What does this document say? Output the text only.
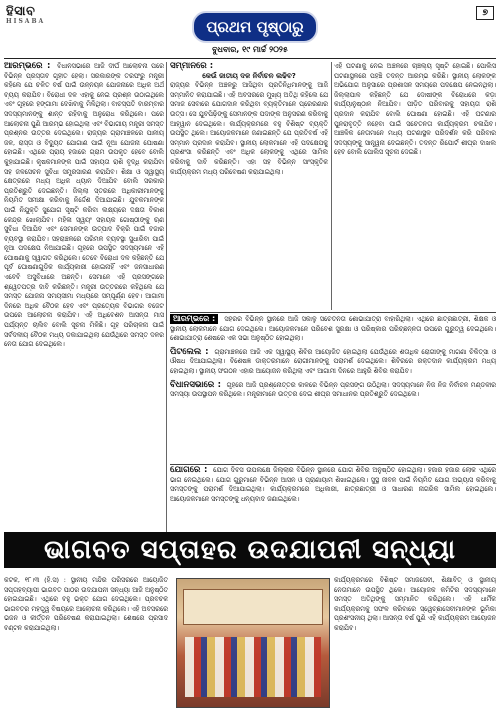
ହିସାବ
HISABA	ପ୍ରଥମ ପୃଷ୍ଠାରୁ
ବୁଧବାର, ୧୯ ମାର୍ଚ୍ଚ ୨୦୨୫
୭
ଆରମ୍ଭରେ : ବିଧାନସଭାରେ ଆଜି ଦୀର୍ଘ ଆଲୋଚନା ପରେ ବିଭିନ୍ନ ପ୍ରସ୍ତାବ ଗୃହୀତ ହେଲା। ସରକାରଙ୍କ ତରଫରୁ ମନ୍ତ୍ରୀ କହିଲେ ଯେ ଚଳିତ ବର୍ଷ ପାଇଁ ଉନ୍ନୟନ ଯୋଜନାରେ ଅଧିକ ଅର୍ଥ ବ୍ୟୟ କରାଯିବ। ବିରୋଧୀ ଦଳ ଏହାକୁ ନେଇ ପ୍ରଶ୍ନ ଉଠାଇଥିଲେ ଏବଂ ଗୃହରେ ହଙ୍ଗାମା ଦେଖିବାକୁ ମିଳିଥିଲା। ବାଚସ୍ପତି ବାରମ୍ବାର ସଦସ୍ୟମାନଙ୍କୁ ଶାନ୍ତ ରହିବାକୁ ଅନୁରୋଧ କରିଥିଲେ। ପରେ ଆଲୋଚନା ପୁଣି ଆରମ୍ଭ ହୋଇଥିଲା ଏବଂ ବିଭାଗୀୟ ମନ୍ତ୍ରୀ ସମସ୍ତ ପ୍ରଶ୍ନର ଉତ୍ତର ଦେଇଥିଲେ। ରାଜ୍ୟର ଗ୍ରାମାଞ୍ଚଳରେ ପାନୀୟ ଜଳ, ରାସ୍ତା ଓ ବିଦ୍ୟୁତ ଯୋଗାଣ ପାଇଁ ନୂଆ ଯୋଜନା ଘୋଷଣା ହୋଇଛି। ଏଥିରେ ପ୍ରାୟ ହଜାରେ ଗ୍ରାମ ଉପକୃତ ହେବେ ବୋଲି କୁହାଯାଇଛି। କୃଷକମାନଙ୍କ ପାଇଁ ସହାୟତା ରାଶି ବୃଦ୍ଧି କରାଯିବା ସହ ଜଳସେଚନ ସୁବିଧା ସମ୍ପ୍ରସାରଣ କରାଯିବ। ଶିକ୍ଷା ଓ ସ୍ୱାସ୍ଥ୍ୟ କ୍ଷେତ୍ରରେ ମଧ୍ୟ ଅଧିକ ଧ୍ୟାନ ଦିଆଯିବ ବୋଲି ସରକାର ପ୍ରତିଶ୍ରୁତି ଦେଇଛନ୍ତି। ଜିଲ୍ଲା ସ୍ତରରେ ଅଧିକାରୀମାନଙ୍କୁ ନିୟମିତ ସମୀକ୍ଷା କରିବାକୁ ନିର୍ଦ୍ଦେଶ ଦିଆଯାଇଛି। ଯୁବକମାନଙ୍କ ପାଇଁ ନିଯୁକ୍ତି ସୁଯୋଗ ସୃଷ୍ଟି କରିବା ଲକ୍ଷ୍ୟରେ ଦକ୍ଷତା ବିକାଶ କେନ୍ଦ୍ର ଖୋଲାଯିବ। ମହିଳା ସ୍ୱୟଂ ସହାୟକ ଗୋଷ୍ଠୀଙ୍କୁ ଋଣ ସୁବିଧା ଦିଆଯିବ ଏବଂ ସେମାନଙ୍କ ଉତ୍ପାଦ ବିକ୍ରି ପାଇଁ ବଜାର ବ୍ୟବସ୍ଥା କରାଯିବ। ସହରାଞ୍ଚଳରେ ପରିମଳ ବ୍ୟବସ୍ଥା ସୁଧାରିବା ପାଇଁ ନୂଆ ପଦକ୍ଷେପ ନିଆଯାଇଛି। ଗୃହରେ ଉପସ୍ଥିତ ସଦସ୍ୟମାନେ ଏହି ଘୋଷଣାକୁ ସ୍ୱାଗତ କରିଥିଲେ। ତେବେ ବିରୋଧୀ ଦଳ କହିଛନ୍ତି ଯେ ପୂର୍ବ ଘୋଷଣାଗୁଡ଼ିକ କାର୍ଯ୍ୟକାରୀ ହୋଇନାହିଁ ଏବଂ ଜନସାଧାରଣ ଏବେବି ଅସୁବିଧାରେ ଅଛନ୍ତି। ସେମାନେ ଏହି ପ୍ରସଙ୍ଗରେ ଶ୍ୱେତପତ୍ର ଦାବି କରିଛନ୍ତି। ମନ୍ତ୍ରୀ ଉତ୍ତରରେ କହିଥିଲେ ଯେ ସମସ୍ତ ଯୋଜନା ସମୟସୀମା ମଧ୍ୟରେ ସମ୍ପୂର୍ଣ୍ଣ ହେବ। ଆଗାମୀ ଦିନରେ ଅଧିକ ବୈଠକ ହେବ ଏବଂ ପ୍ରତ୍ୟେକ ବିଭାଗର ବଜେଟ ଉପରେ ଆଲୋଚନା କରାଯିବ। ଏହି ଅଧିବେଶନ ଆସନ୍ତା ମାସ ପର୍ଯ୍ୟନ୍ତ ଚାଲିବ ବୋଲି ସୂଚନା ମିଳିଛି। ଗୃହ ପରିଚାଳନା ପାଇଁ ସର୍ବଦଳୀୟ ବୈଠକ ମଧ୍ୟ ଡକାଯାଇଥିଲା ଯେଉଁଥିରେ ସମସ୍ତ ଦଳର ନେତା ଯୋଗ ଦେଇଥିଲେ।
ସମ୍ମାନରେ :
କେଉଁ ଜାତୀୟ ଦଳ ନିର୍ବାଚନ ଲଢିବ?
ରାଜ୍ୟର ବିଭିନ୍ନ ଅଞ୍ଚଳରୁ ଆସିଥିବା ପ୍ରତିନିଧିମାନଙ୍କୁ ଆଜି ସମ୍ମାନିତ କରାଯାଇଛି। ଏହି ଅବସରରେ ମୁଖ୍ୟ ଅତିଥି କହିଲେ ଯେ ସମାଜ ସେବାରେ ଯୋଗଦାନ କରିଥିବା ବ୍ୟକ୍ତିମାନେ ପ୍ରେରଣାର ଉତ୍ସ। ସେ ଯୁବପିଢ଼ିଙ୍କୁ ସେମାନଙ୍କ ପଦାଙ୍କ ଅନୁସରଣ କରିବାକୁ ଆହ୍ୱାନ ଦେଇଥିଲେ। କାର୍ଯ୍ୟକ୍ରମରେ ବହୁ ବିଶିଷ୍ଟ ବ୍ୟକ୍ତି ଉପସ୍ଥିତ ଥିଲେ। ଆୟୋଜକମାନେ ଜଣାଇଛନ୍ତି ଯେ ପ୍ରତିବର୍ଷ ଏହି ସମ୍ମାନ ପ୍ରଦାନ କରାଯିବ। ସ୍ଥାନୀୟ ଲୋକମାନେ ଏହି ପଦକ୍ଷେପକୁ ପ୍ରଶଂସା କରିଛନ୍ତି ଏବଂ ଅଧିକ ଲୋକଙ୍କୁ ଏଥିରେ ସାମିଲ କରିବାକୁ ଦାବି କରିଛନ୍ତି। ଏହା ସହ ବିଭିନ୍ନ ସାଂସ୍କୃତିକ କାର୍ଯ୍ୟକ୍ରମ ମଧ୍ୟ ପରିବେଷଣ କରାଯାଇଥିଲା।
ଏହି ଘଟଣାକୁ ନେଇ ଅଞ୍ଚଳରେ ଚାଞ୍ଚଲ୍ୟ ସୃଷ୍ଟି ହୋଇଛି। ପୋଲିସ ଘଟଣାସ୍ଥଳରେ ପହଞ୍ଚି ତଦନ୍ତ ଆରମ୍ଭ କରିଛି। ସ୍ଥାନୀୟ ଲୋକଙ୍କ ଅଭିଯୋଗ ଅନୁସାରେ ପ୍ରଶାସନ ସମୟରେ ପଦକ୍ଷେପ ନେଇନଥିଲା। ଜିଲ୍ଲାପାଳ କହିଛନ୍ତି ଯେ ଦୋଷୀଙ୍କ ବିରୋଧରେ କଡ଼ା କାର୍ଯ୍ୟାନୁଷ୍ଠାନ ନିଆଯିବ। ପୀଡ଼ିତ ପରିବାରକୁ ସହାୟତା ରାଶି ପ୍ରଦାନ କରାଯିବ ବୋଲି ଘୋଷଣା ହୋଇଛି। ଏହି ଘଟଣାର ପୁନରାବୃତ୍ତି ନହେବା ପାଇଁ ସଚେତନତା କାର୍ଯ୍ୟକ୍ରମ ଚଳାଯିବ। ଆଞ୍ଚଳିକ ନେତାମାନେ ମଧ୍ୟ ଘଟଣାସ୍ଥଳ ପରିଦର୍ଶନ କରି ପରିବାର ସଦସ୍ୟଙ୍କୁ ସାନ୍ତ୍ୱନା ଦେଇଛନ୍ତି। ତଦନ୍ତ ରିପୋର୍ଟ ଶୀଘ୍ର ଦାଖଲ ହେବ ବୋଲି ପୋଲିସ ସୂଚନା ଦେଇଛି।
ଆରମ୍ଭରେ : ସହରର ବିଭିନ୍ନ ସ୍ଥାନରେ ଆଜି ସକାଳୁ ସଚେତନତା ଶୋଭାଯାତ୍ରା ବାହାରିଥିଲା। ଏଥିରେ ଛାତ୍ରଛାତ୍ରୀ, ଶିକ୍ଷକ ଓ ସ୍ଥାନୀୟ ଲୋକମାନେ ଯୋଗ ଦେଇଥିଲେ। ଆୟୋଜକମାନେ ପରିବେଶ ସୁରକ୍ଷା ଓ ପରିଷ୍କାର ପରିଚ୍ଛନ୍ନତା ଉପରେ ଗୁରୁତ୍ୱ ଦେଇଥିଲେ। ଶୋଭାଯାତ୍ରା ଶେଷରେ ଏକ ସଭା ଅନୁଷ୍ଠିତ ହୋଇଥିଲା।
ପିଟଲେଲ : ଗ୍ରାମାଞ୍ଚଳରେ ଆଜି ଏକ ସ୍ୱାସ୍ଥ୍ୟ ଶିବିର ଆୟୋଜିତ ହୋଇଥିଲା ଯେଉଁଥିରେ ଶତାଧିକ ରୋଗୀଙ୍କୁ ମାଗଣା ଚିକିତ୍ସା ଓ ଔଷଧ ଦିଆଯାଇଥିଲା। ବିଶେଷଜ୍ଞ ଡାକ୍ତରମାନେ ରୋଗୀମାନଙ୍କୁ ପରାମର୍ଶ ଦେଇଥିଲେ। ଶିବିରରେ ରକ୍ତଦାନ କାର୍ଯ୍ୟକ୍ରମ ମଧ୍ୟ ହୋଇଥିଲା। ସ୍ଥାନୀୟ ସଂଗଠନ ଏହାର ଆୟୋଜନ କରିଥିଲା ଏବଂ ଆଗାମୀ ଦିନରେ ଆହୁରି ଶିବିର କରାଯିବ।
ବିଧାନସଭାରେ : ଗୃହରେ ଆଜି ପ୍ରଶ୍ନୋତ୍ତର କାଳରେ ବିଭିନ୍ନ ପ୍ରସଙ୍ଗ ଉଠିଥିଲା। ସଦସ୍ୟମାନେ ନିଜ ନିଜ ନିର୍ବାଚନ ମଣ୍ଡଳୀର ସମସ୍ୟା ଉପସ୍ଥାପନ କରିଥିଲେ। ମନ୍ତ୍ରୀମାନେ ଉତ୍ତର ଦେଇ ଶୀଘ୍ର ସମାଧାନର ପ୍ରତିଶ୍ରୁତି ଦେଇଥିଲେ।
ଯୋଗରେ : ଯୋଗ ଦିବସ ଉପଲକ୍ଷେ ଜିଲ୍ଲାର ବିଭିନ୍ନ ସ୍ଥାନରେ ଯୋଗ ଶିବିର ଅନୁଷ୍ଠିତ ହୋଇଥିଲା। ହଜାର ହଜାର ଲୋକ ଏଥିରେ ଭାଗ ନେଇଥିଲେ। ଯୋଗ ଗୁରୁମାନେ ବିଭିନ୍ନ ଆସନ ଓ ପ୍ରାଣାୟାମ ଶିଖାଇଥିଲେ। ସୁସ୍ଥ ଜୀବନ ପାଇଁ ନିୟମିତ ଯୋଗ ଅଭ୍ୟାସ କରିବାକୁ ସମସ୍ତଙ୍କୁ ପରାମର୍ଶ ଦିଆଯାଇଥିଲା। କାର୍ଯ୍ୟକ୍ରମରେ ଅଧିକାରୀ, ଛାତ୍ରଛାତ୍ରୀ ଓ ସାଧାରଣ ନାଗରିକ ସାମିଲ ହୋଇଥିଲେ। ଆୟୋଜକମାନେ ସମସ୍ତଙ୍କୁ ଧନ୍ୟବାଦ ଜଣାଇଥିଲେ।
ଭାଗବତ ସପ୍ତାହର ଉଦଯାପନୀ ସନ୍ଧ୍ୟା
କଟକ, ୧୮।୩ (ହି.ସ) : ସ୍ଥାନୀୟ ମନ୍ଦିର ପରିସରରେ ଆୟୋଜିତ ସପ୍ତାହବ୍ୟାପୀ ଭାଗବତ ପାଠର ଉଦଯାପନୀ ସନ୍ଧ୍ୟା ଆଜି ଅନୁଷ୍ଠିତ ହୋଇଯାଇଛି। ଏଥିରେ ବହୁ ଭକ୍ତ ଯୋଗ ଦେଇଥିଲେ। ପ୍ରବଚକ ଭାଗବତର ମହତ୍ତ୍ୱ ବିଷୟରେ ଆଲୋଚନା କରିଥିଲେ। ଏହି ଅବସରରେ ଭଜନ ଓ କୀର୍ତ୍ତନ ପରିବେଷଣ କରାଯାଇଥିଲା। ଶେଷରେ ପ୍ରସାଦ ବଣ୍ଟନ କରାଯାଇଥିଲା।
କାର୍ଯ୍ୟକ୍ରମରେ ବିଶିଷ୍ଟ ସମାଜସେବୀ, ଶିକ୍ଷାବିତ୍ ଓ ସ୍ଥାନୀୟ ନେତାମାନେ ଉପସ୍ଥିତ ଥିଲେ। ଆୟୋଜକ କମିଟିର ସଦସ୍ୟମାନେ ସମସ୍ତ ଅତିଥିଙ୍କୁ ସମ୍ମାନିତ କରିଥିଲେ। ଏହି ଧାର୍ମିକ କାର୍ଯ୍ୟକ୍ରମକୁ ସଫଳ କରିବାରେ ସ୍ୱେଚ୍ଛାସେବୀମାନଙ୍କ ଭୂମିକା ପ୍ରଶଂସନୀୟ ଥିଲା। ଆସନ୍ତା ବର୍ଷ ପୁଣି ଏହି କାର୍ଯ୍ୟକ୍ରମ ଆୟୋଜନ କରାଯିବ।
